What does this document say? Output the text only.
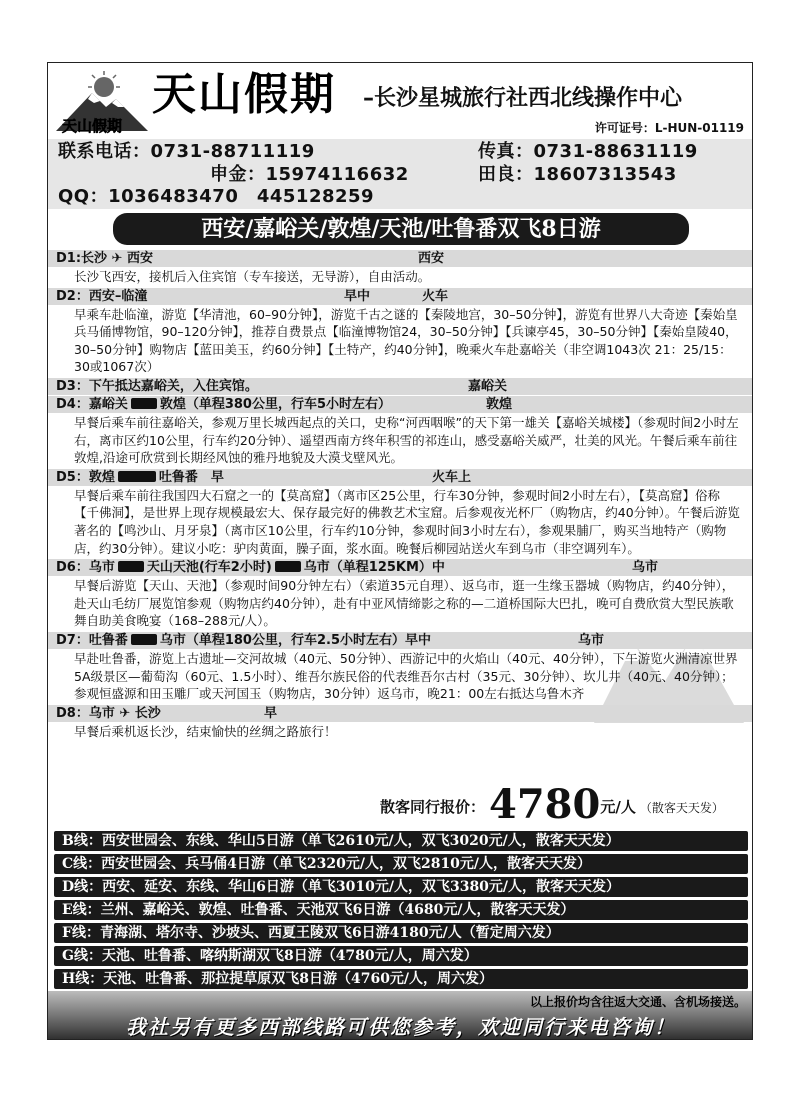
天山假期
天山假期 –长沙星城旅行社西北线操作中心
许可证号：L-HUN-01119
联系电话：0731-88711119	传真：0731-88631119
申金：15974116632	田良：18607313543
QQ：1036483470　445128259
西安/嘉峪关/敦煌/天池/吐鲁番双飞8日游
D1:长沙 ✈ 西安	西安
长沙飞西安，接机后入住宾馆（专车接送，无导游），自由活动。
D2：西安–临潼	早中　　　　火车
早乘车赴临潼，游览【华清池，60–90分钟】，游览千古之谜的【秦陵地宫，30–50分钟】，游览有世界八大奇迹【秦始皇兵马俑博物馆，90–120分钟】，推荐自费景点【临潼博物馆24，30–50分钟】【兵谏亭45，30–50分钟】【秦始皇陵40，30–50分钟】购物店【蓝田美玉，约60分钟】【土特产，约40分钟】，晚乘火车赴嘉峪关（非空调1043次 21：25/15：30或1067次）
D3：下午抵达嘉峪关，入住宾馆。	嘉峪关
D4：嘉峪关 敦煌（单程380公里，行车5小时左右）	敦煌
早餐后乘车前往嘉峪关，参观万里长城西起点的关口，史称“河西咽喉”的天下第一雄关【嘉峪关城楼】（参观时间2小时左右，离市区约10公里，行车约20分钟）、遥望西南方终年积雪的祁连山，感受嘉峪关威严，壮美的风光。午餐后乘车前往敦煌,沿途可欣赏到长期经风蚀的雅丹地貌及大漠戈壁风光。
D5：敦煌	吐鲁番　早	火车上
早餐后乘车前往我国四大石窟之一的【莫高窟】（离市区25公里，行车30分钟，参观时间2小时左右），【莫高窟】俗称【千佛洞】，是世界上现存规模最宏大、保存最完好的佛教艺术宝窟。后参观夜光杯厂（购物店，约40分钟）。午餐后游览著名的【鸣沙山、月牙泉】（离市区10公里，行车约10分钟，参观时间3小时左右），参观果脯厂，购买当地特产（购物店，约30分钟）。建议小吃：驴肉黄面，臊子面，浆水面。晚餐后柳园站送火车到乌市（非空调列车）。
D6：乌市 天山天池(行车2小时) 乌市（单程125KM）中	乌市
早餐后游览【天山、天池】（参观时间90分钟左右）（索道35元自理）、返乌市，逛一生缘玉器城（购物店，约40分钟），赴天山毛纺厂展览馆参观（购物店约40分钟），赴有中亚风情缔影之称的—二道桥国际大巴扎，晚可自费欣赏大型民族歌舞自助美食晚宴（168–288元/人）。
D7：吐鲁番 乌市（单程180公里，行车2.5小时左右）早中	乌市
早赴吐鲁番，游览上古遗址—交河故城（40元、50分钟）、西游记中的火焰山（40元、40分钟），下午游览火洲清凉世界5A级景区—葡萄沟（60元、1.5小时）、维吾尔族民俗的代表维吾尔古村（35元、30分钟）、坎儿井（40元、40分钟）；参观恒盛源和田玉雕厂或天河国玉（购物店，30分钟）返乌市，晚21：00左右抵达乌鲁木齐
D8：乌市 ✈ 长沙	早
早餐后乘机返长沙，结束愉快的丝绸之路旅行！
散客同行报价： 4780元/人 （散客天天发）
B线：西安世园会、东线、华山5日游（单飞2610元/人，双飞3020元/人，散客天天发）
C线：西安世园会、兵马俑4日游（单飞2320元/人，双飞2810元/人，散客天天发）
D线：西安、延安、东线、华山6日游（单飞3010元/人，双飞3380元/人，散客天天发）
E线：兰州、嘉峪关、敦煌、吐鲁番、天池双飞6日游（4680元/人，散客天天发）
F线：青海湖、塔尔寺、沙坡头、西夏王陵双飞6日游4180元/人（暂定周六发）
G线：天池、吐鲁番、喀纳斯湖双飞8日游（4780元/人，周六发）
H线：天池、吐鲁番、那拉提草原双飞8日游（4760元/人，周六发）
以上报价均含往返大交通、含机场接送。
我社另有更多西部线路可供您参考，欢迎同行来电咨询！
